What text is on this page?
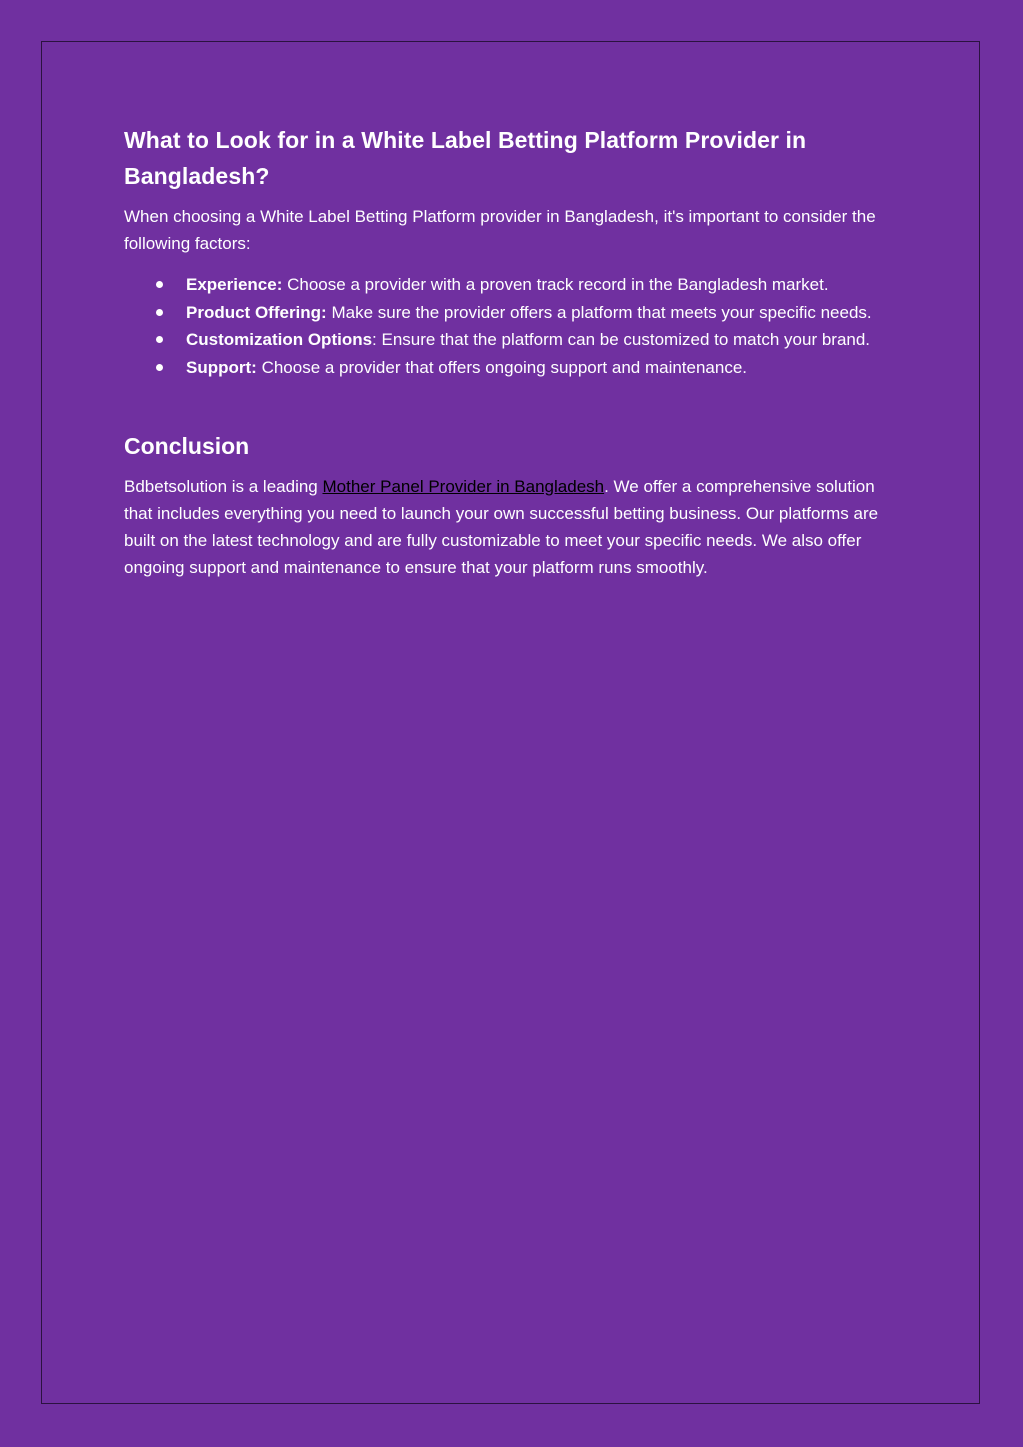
What to Look for in a White Label Betting Platform Provider in Bangladesh?

When choosing a White Label Betting Platform provider in Bangladesh, it's important to consider the following factors:

Experience: Choose a provider with a proven track record in the Bangladesh market.
Product Offering: Make sure the provider offers a platform that meets your specific needs.
Customization Options: Ensure that the platform can be customized to match your brand.
Support: Choose a provider that offers ongoing support and maintenance.
Conclusion

Bdbetsolution is a leading Mother Panel Provider in Bangladesh. We offer a comprehensive solution that includes everything you need to launch your own successful betting business. Our platforms are built on the latest technology and are fully customizable to meet your specific needs. We also offer ongoing support and maintenance to ensure that your platform runs smoothly.
